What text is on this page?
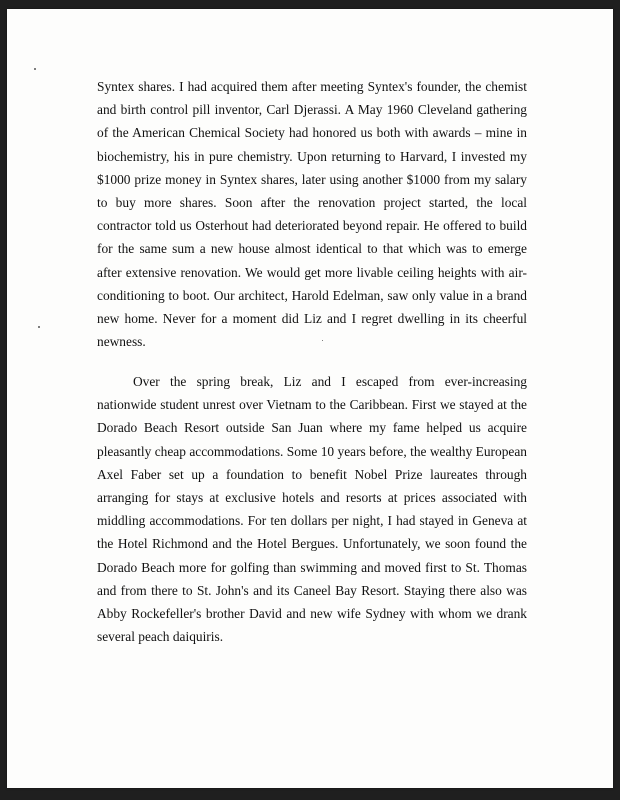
Syntex shares. I had acquired them after meeting Syntex's founder, the chemist and birth control pill inventor, Carl Djerassi. A May 1960 Cleveland gathering of the American Chemical Society had honored us both with awards – mine in biochemistry, his in pure chemistry. Upon returning to Harvard, I invested my $1000 prize money in Syntex shares, later using another $1000 from my salary to buy more shares. Soon after the renovation project started, the local contractor told us Osterhout had deteriorated beyond repair. He offered to build for the same sum a new house almost identical to that which was to emerge after extensive renovation. We would get more livable ceiling heights with air-conditioning to boot. Our architect, Harold Edelman, saw only value in a brand new home. Never for a moment did Liz and I regret dwelling in its cheerful newness.

Over the spring break, Liz and I escaped from ever-increasing nationwide student unrest over Vietnam to the Caribbean. First we stayed at the Dorado Beach Resort outside San Juan where my fame helped us acquire pleasantly cheap accommodations. Some 10 years before, the wealthy European Axel Faber set up a foundation to benefit Nobel Prize laureates through arranging for stays at exclusive hotels and resorts at prices associated with middling accommodations. For ten dollars per night, I had stayed in Geneva at the Hotel Richmond and the Hotel Bergues. Unfortunately, we soon found the Dorado Beach more for golfing than swimming and moved first to St. Thomas and from there to St. John's and its Caneel Bay Resort. Staying there also was Abby Rockefeller's brother David and new wife Sydney with whom we drank several peach daiquiris.
